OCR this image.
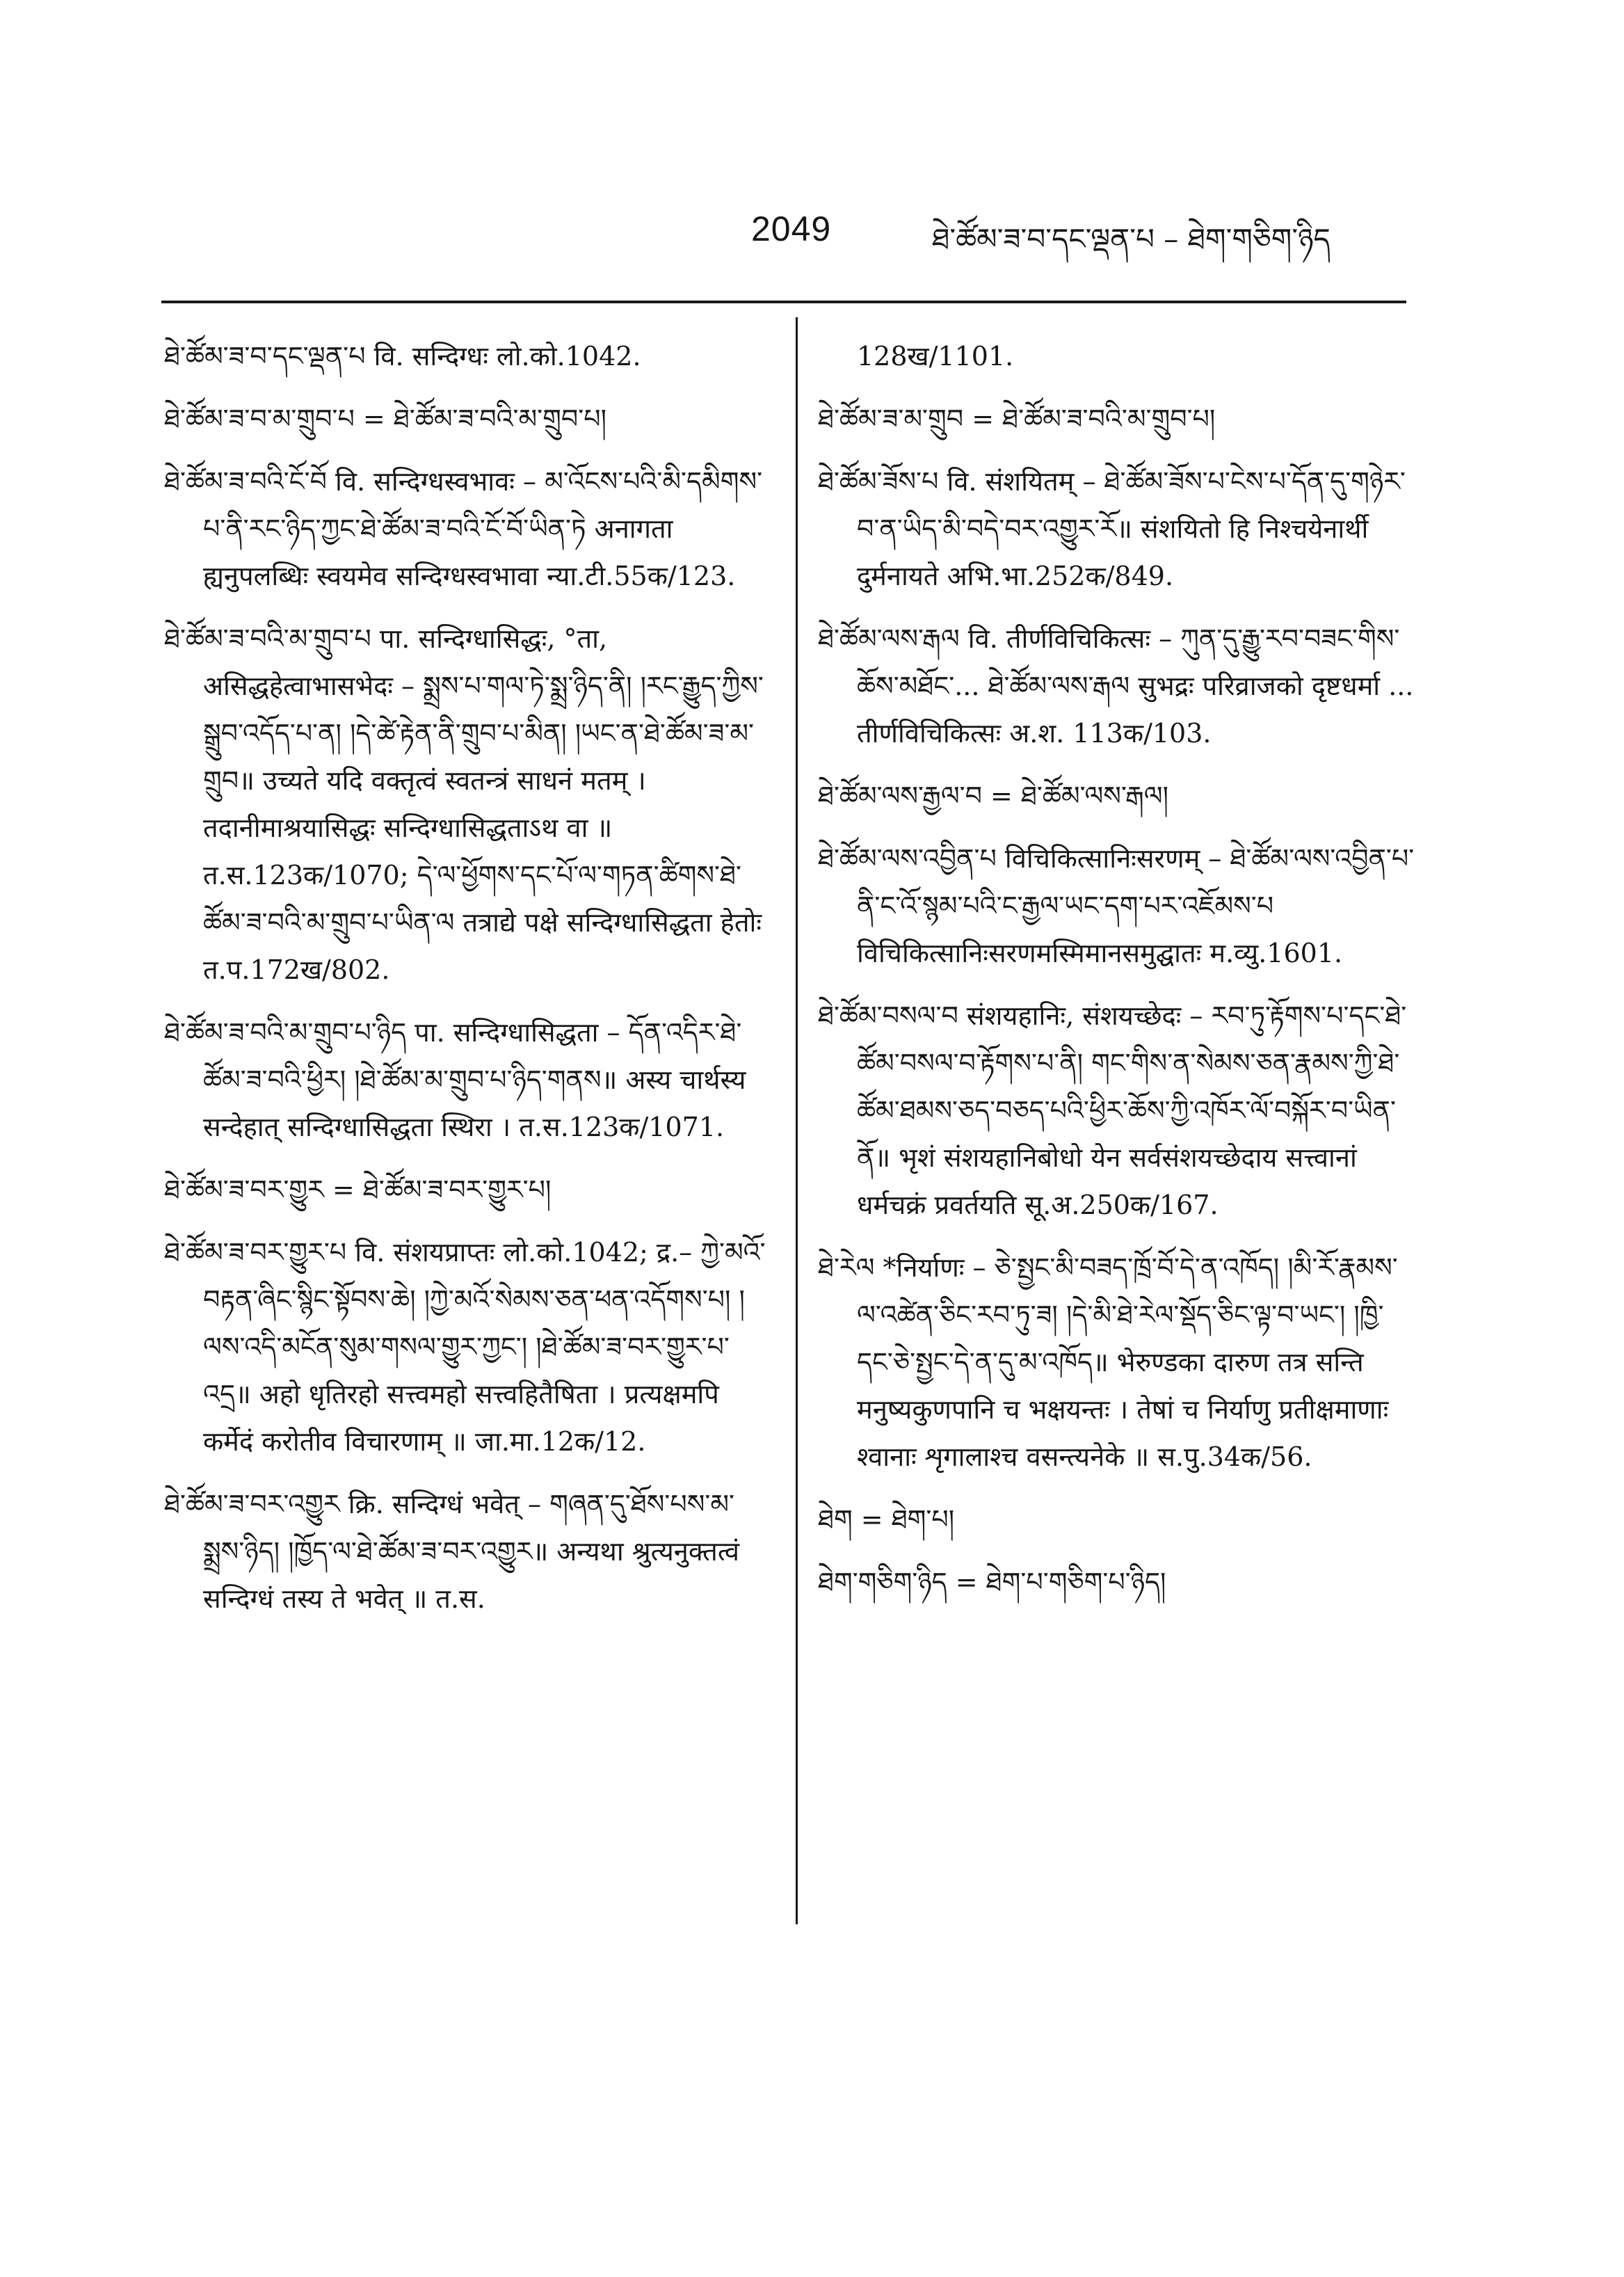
2049	ཐེ་ཚོམ་ཟ་བ་དང་ལྡན་པ – ཐེག་གཅིག་ཉིད
ཐེ་ཚོམ་ཟ་བ་དང་ལྡན་པ वि. सन्दिग्धः लो.को.1042.
ཐེ་ཚོམ་ཟ་བ་མ་གྲུབ་པ = ཐེ་ཚོམ་ཟ་བའི་མ་གྲུབ་པ།
ཐེ་ཚོམ་ཟ་བའི་ངོ་བོ वि. सन्दिग्धस्वभावः – མ་འོངས་པའི་མི་དམིགས་པ་ནི་རང་ཉིད་ཀྱང་ཐེ་ཚོམ་ཟ་བའི་ངོ་བོ་ཡིན་ཏེ अनागता ह्यनुपलब्धिः स्वयमेव सन्दिग्धस्वभावा न्या.टी.55क/123.
ཐེ་ཚོམ་ཟ་བའི་མ་གྲུབ་པ पा. सन्दिग्धासिद्धः, °ता, असिद्धहेत्वाभासभेदः – སྨྲས་པ་གལ་ཏེ་སྨྲ་ཉིད་ནི། །རང་རྒྱུད་ཀྱིས་སྒྲུབ་འདོད་པ་ན། །དེ་ཚེ་རྟེན་ནི་གྲུབ་པ་མིན། །ཡང་ན་ཐེ་ཚོམ་ཟ་མ་གྲུབ॥ उच्यते यदि वक्तृत्वं स्वतन्त्रं साधनं मतम् । तदानीमाश्रयासिद्धः सन्दिग्धासिद्धताऽथ वा ॥ त.स.123क/1070; དེ་ལ་ཕྱོགས་དང་པོ་ལ་གཏན་ཚིགས་ཐེ་ཚོམ་ཟ་བའི་མ་གྲུབ་པ་ཡིན་ལ तत्राद्ये पक्षे सन्दिग्धासिद्धता हेतोः त.प.172ख/802.
ཐེ་ཚོམ་ཟ་བའི་མ་གྲུབ་པ་ཉིད पा. सन्दिग्धासिद्धता – དོན་འདིར་ཐེ་ཚོམ་ཟ་བའི་ཕྱིར། །ཐེ་ཚོམ་མ་གྲུབ་པ་ཉིད་གནས॥ अस्य चार्थस्य सन्देहात् सन्दिग्धासिद्धता स्थिरा । त.स.123क/1071.
ཐེ་ཚོམ་ཟ་བར་གྱུར = ཐེ་ཚོམ་ཟ་བར་གྱུར་པ།
ཐེ་ཚོམ་ཟ་བར་གྱུར་པ वि. संशयप्राप्तः लो.को.1042; द्र.– ཀྱེ་མའོ་བརྟན་ཞིང་སྙིང་སྟོབས་ཆེ། །ཀྱེ་མའོ་སེམས་ཅན་ཕན་འདོགས་པ། །ལས་འདི་མངོན་སུམ་གསལ་གྱུར་ཀྱང་། །ཐེ་ཚོམ་ཟ་བར་གྱུར་པ་འདྲ॥ अहो धृतिरहो सत्त्वमहो सत्त्वहितैषिता । प्रत्यक्षमपि कर्मेदं करोतीव विचारणाम् ॥ जा.मा.12क/12.
ཐེ་ཚོམ་ཟ་བར་འགྱུར क्रि. सन्दिग्धं भवेत् – གཞན་དུ་ཐོས་པས་མ་སྨྲས་ཉིད། །ཁྱོད་ལ་ཐེ་ཚོམ་ཟ་བར་འགྱུར॥ अन्यथा श्रुत्यनुक्तत्वं सन्दिग्धं तस्य ते भवेत् ॥ त.स.
128ख/1101.
ཐེ་ཚོམ་ཟ་མ་གྲུབ = ཐེ་ཚོམ་ཟ་བའི་མ་གྲུབ་པ།
ཐེ་ཚོམ་ཟོས་པ वि. संशयितम् – ཐེ་ཚོམ་ཟོས་པ་ངེས་པ་དོན་དུ་གཉེར་བ་ན་ཡིད་མི་བདེ་བར་འགྱུར་རོ॥ संशयितो हि निश्चयेनार्थी दुर्मनायते अभि.भा.252क/849.
ཐེ་ཚོམ་ལས་རྒལ वि. तीर्णविचिकित्सः – ཀུན་དུ་རྒྱུ་རབ་བཟང་གིས་ཆོས་མཐོང་... ཐེ་ཚོམ་ལས་རྒལ सुभद्रः परिव्राजको दृष्टधर्मा ... तीर्णविचिकित्सः अ.श. 113क/103.
ཐེ་ཚོམ་ལས་རྒྱལ་བ = ཐེ་ཚོམ་ལས་རྒལ།
ཐེ་ཚོམ་ལས་འབྱིན་པ विचिकित्सानिःसरणम् – ཐེ་ཚོམ་ལས་འབྱིན་པ་ནི་ང་འོ་སྙམ་པའི་ང་རྒྱལ་ཡང་དག་པར་འཇོམས་པ विचिकित्सानिःसरणमस्मिमानसमुद्घातः म.व्यु.1601.
ཐེ་ཚོམ་བསལ་བ संशयहानिः, संशयच्छेदः – རབ་ཏུ་རྟོགས་པ་དང་ཐེ་ཚོམ་བསལ་བ་རྟོགས་པ་ནི། གང་གིས་ན་སེམས་ཅན་རྣམས་ཀྱི་ཐེ་ཚོམ་ཐམས་ཅད་བཅད་པའི་ཕྱིར་ཆོས་ཀྱི་འཁོར་ལོ་བསྐོར་བ་ཡིན་ནོ॥ भृशं संशयहानिबोधो येन सर्वसंशयच्छेदाय सत्त्वानां धर्मचक्रं प्रवर्तयति सू.अ.250क/167.
ཐེ་རེལ *निर्याणः – ཅེ་སྤྱང་མི་བཟད་ཁྲོ་བོ་དེ་ན་འཁོད། །མི་རོ་རྣམས་ལ་འཚེན་ཅིང་རབ་ཏུ་ཟ། །དེ་མི་ཐེ་རེལ་སྡོད་ཅིང་ལྟ་བ་ཡང་། །ཁྱི་དང་ཅེ་སྤྱང་དེ་ན་དུ་མ་འཁོད॥ भेरुण्डका दारुण तत्र सन्ति मनुष्यकुणपानि च भक्षयन्तः । तेषां च निर्याणु प्रतीक्षमाणाः श्वानाः शृगालाश्च वसन्त्यनेके ॥ स.पु.34क/56.
ཐེག = ཐེག་པ།
ཐེག་གཅིག་ཉིད = ཐེག་པ་གཅིག་པ་ཉིད།
